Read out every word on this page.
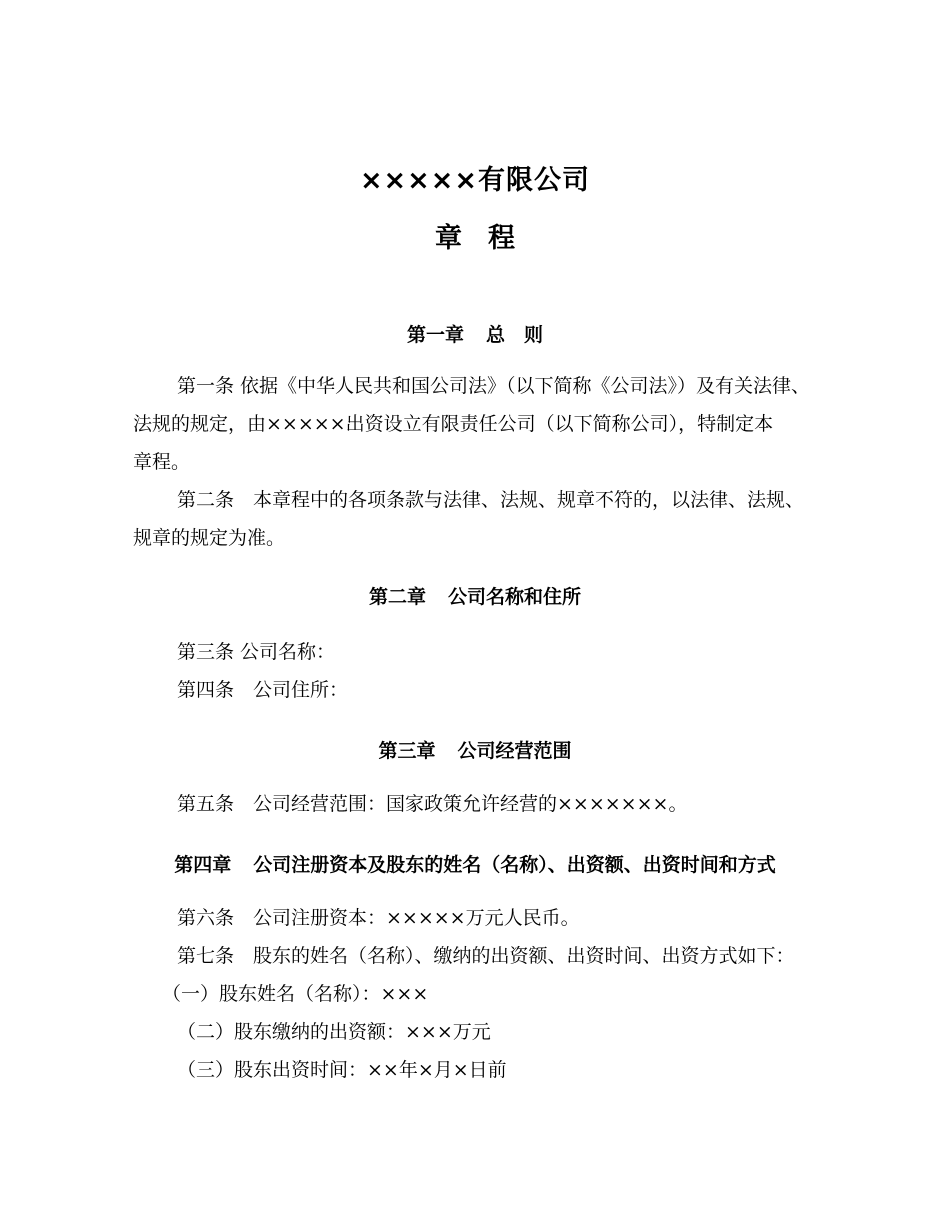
×××××有限公司
章 程
第一章 总　则
第一条 依据《中华人民共和国公司法》（以下简称《公司法》）及有关法律、
法规的规定，由×××××出资设立有限责任公司（以下简称公司），特制定本
章程。
第二条　本章程中的各项条款与法律、法规、规章不符的，以法律、法规、
规章的规定为准。
第二章 公司名称和住所
第三条 公司名称：
第四条　公司住所：
第三章 公司经营范围
第五条　公司经营范围：国家政策允许经营的×××××××。
第四章 公司注册资本及股东的姓名（名称）、出资额、出资时间和方式
第六条　公司注册资本：×××××万元人民币。
第七条　股东的姓名（名称）、缴纳的出资额、出资时间、出资方式如下：
（一）股东姓名（名称）：×××
（二）股东缴纳的出资额：×××万元
（三）股东出资时间：××年×月×日前
